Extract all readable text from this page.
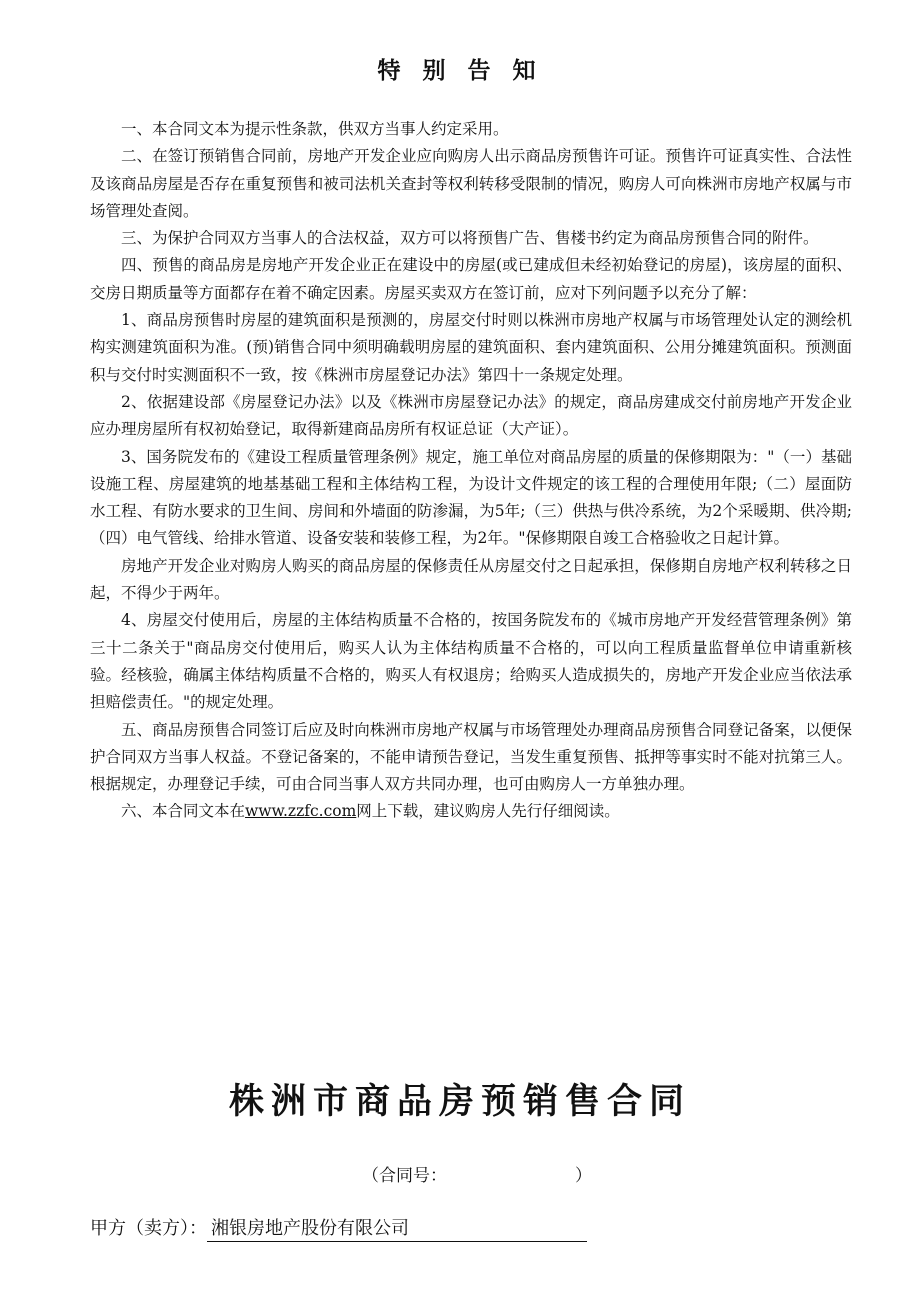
特 别 告 知

一、本合同文本为提示性条款，供双方当事人约定采用。

二、在签订预销售合同前，房地产开发企业应向购房人出示商品房预售许可证。预售许可证真实性、合法性及该商品房屋是否存在重复预售和被司法机关查封等权利转移受限制的情况，购房人可向株洲市房地产权属与市场管理处查阅。

三、为保护合同双方当事人的合法权益，双方可以将预售广告、售楼书约定为商品房预售合同的附件。

四、预售的商品房是房地产开发企业正在建设中的房屋(或已建成但未经初始登记的房屋)，该房屋的面积、交房日期质量等方面都存在着不确定因素。房屋买卖双方在签订前，应对下列问题予以充分了解：

1、商品房预售时房屋的建筑面积是预测的，房屋交付时则以株洲市房地产权属与市场管理处认定的测绘机构实测建筑面积为准。(预)销售合同中须明确载明房屋的建筑面积、套内建筑面积、公用分摊建筑面积。预测面积与交付时实测面积不一致，按《株洲市房屋登记办法》第四十一条规定处理。

2、依据建设部《房屋登记办法》以及《株洲市房屋登记办法》的规定，商品房建成交付前房地产开发企业应办理房屋所有权初始登记，取得新建商品房所有权证总证（大产证）。

3、国务院发布的《建设工程质量管理条例》规定，施工单位对商品房屋的质量的保修期限为："（一）基础设施工程、房屋建筑的地基基础工程和主体结构工程，为设计文件规定的该工程的合理使用年限;（二）屋面防水工程、有防水要求的卫生间、房间和外墙面的防渗漏，为5年;（三）供热与供冷系统，为2个采暖期、供冷期;（四）电气管线、给排水管道、设备安装和装修工程，为2年。"保修期限自竣工合格验收之日起计算。

房地产开发企业对购房人购买的商品房屋的保修责任从房屋交付之日起承担，保修期自房地产权利转移之日起，不得少于两年。

4、房屋交付使用后，房屋的主体结构质量不合格的，按国务院发布的《城市房地产开发经营管理条例》第三十二条关于"商品房交付使用后，购买人认为主体结构质量不合格的，可以向工程质量监督单位申请重新核验。经核验，确属主体结构质量不合格的，购买人有权退房；给购买人造成损失的，房地产开发企业应当依法承担赔偿责任。"的规定处理。

五、商品房预售合同签订后应及时向株洲市房地产权属与市场管理处办理商品房预售合同登记备案，以便保护合同双方当事人权益。不登记备案的，不能申请预告登记，当发生重复预售、抵押等事实时不能对抗第三人。根据规定，办理登记手续，可由合同当事人双方共同办理，也可由购房人一方单独办理。

六、本合同文本在www.zzfc.com网上下载，建议购房人先行仔细阅读。

株洲市商品房预销售合同
（合同号：	）
甲方（卖方）： 湘银房地产股份有限公司
